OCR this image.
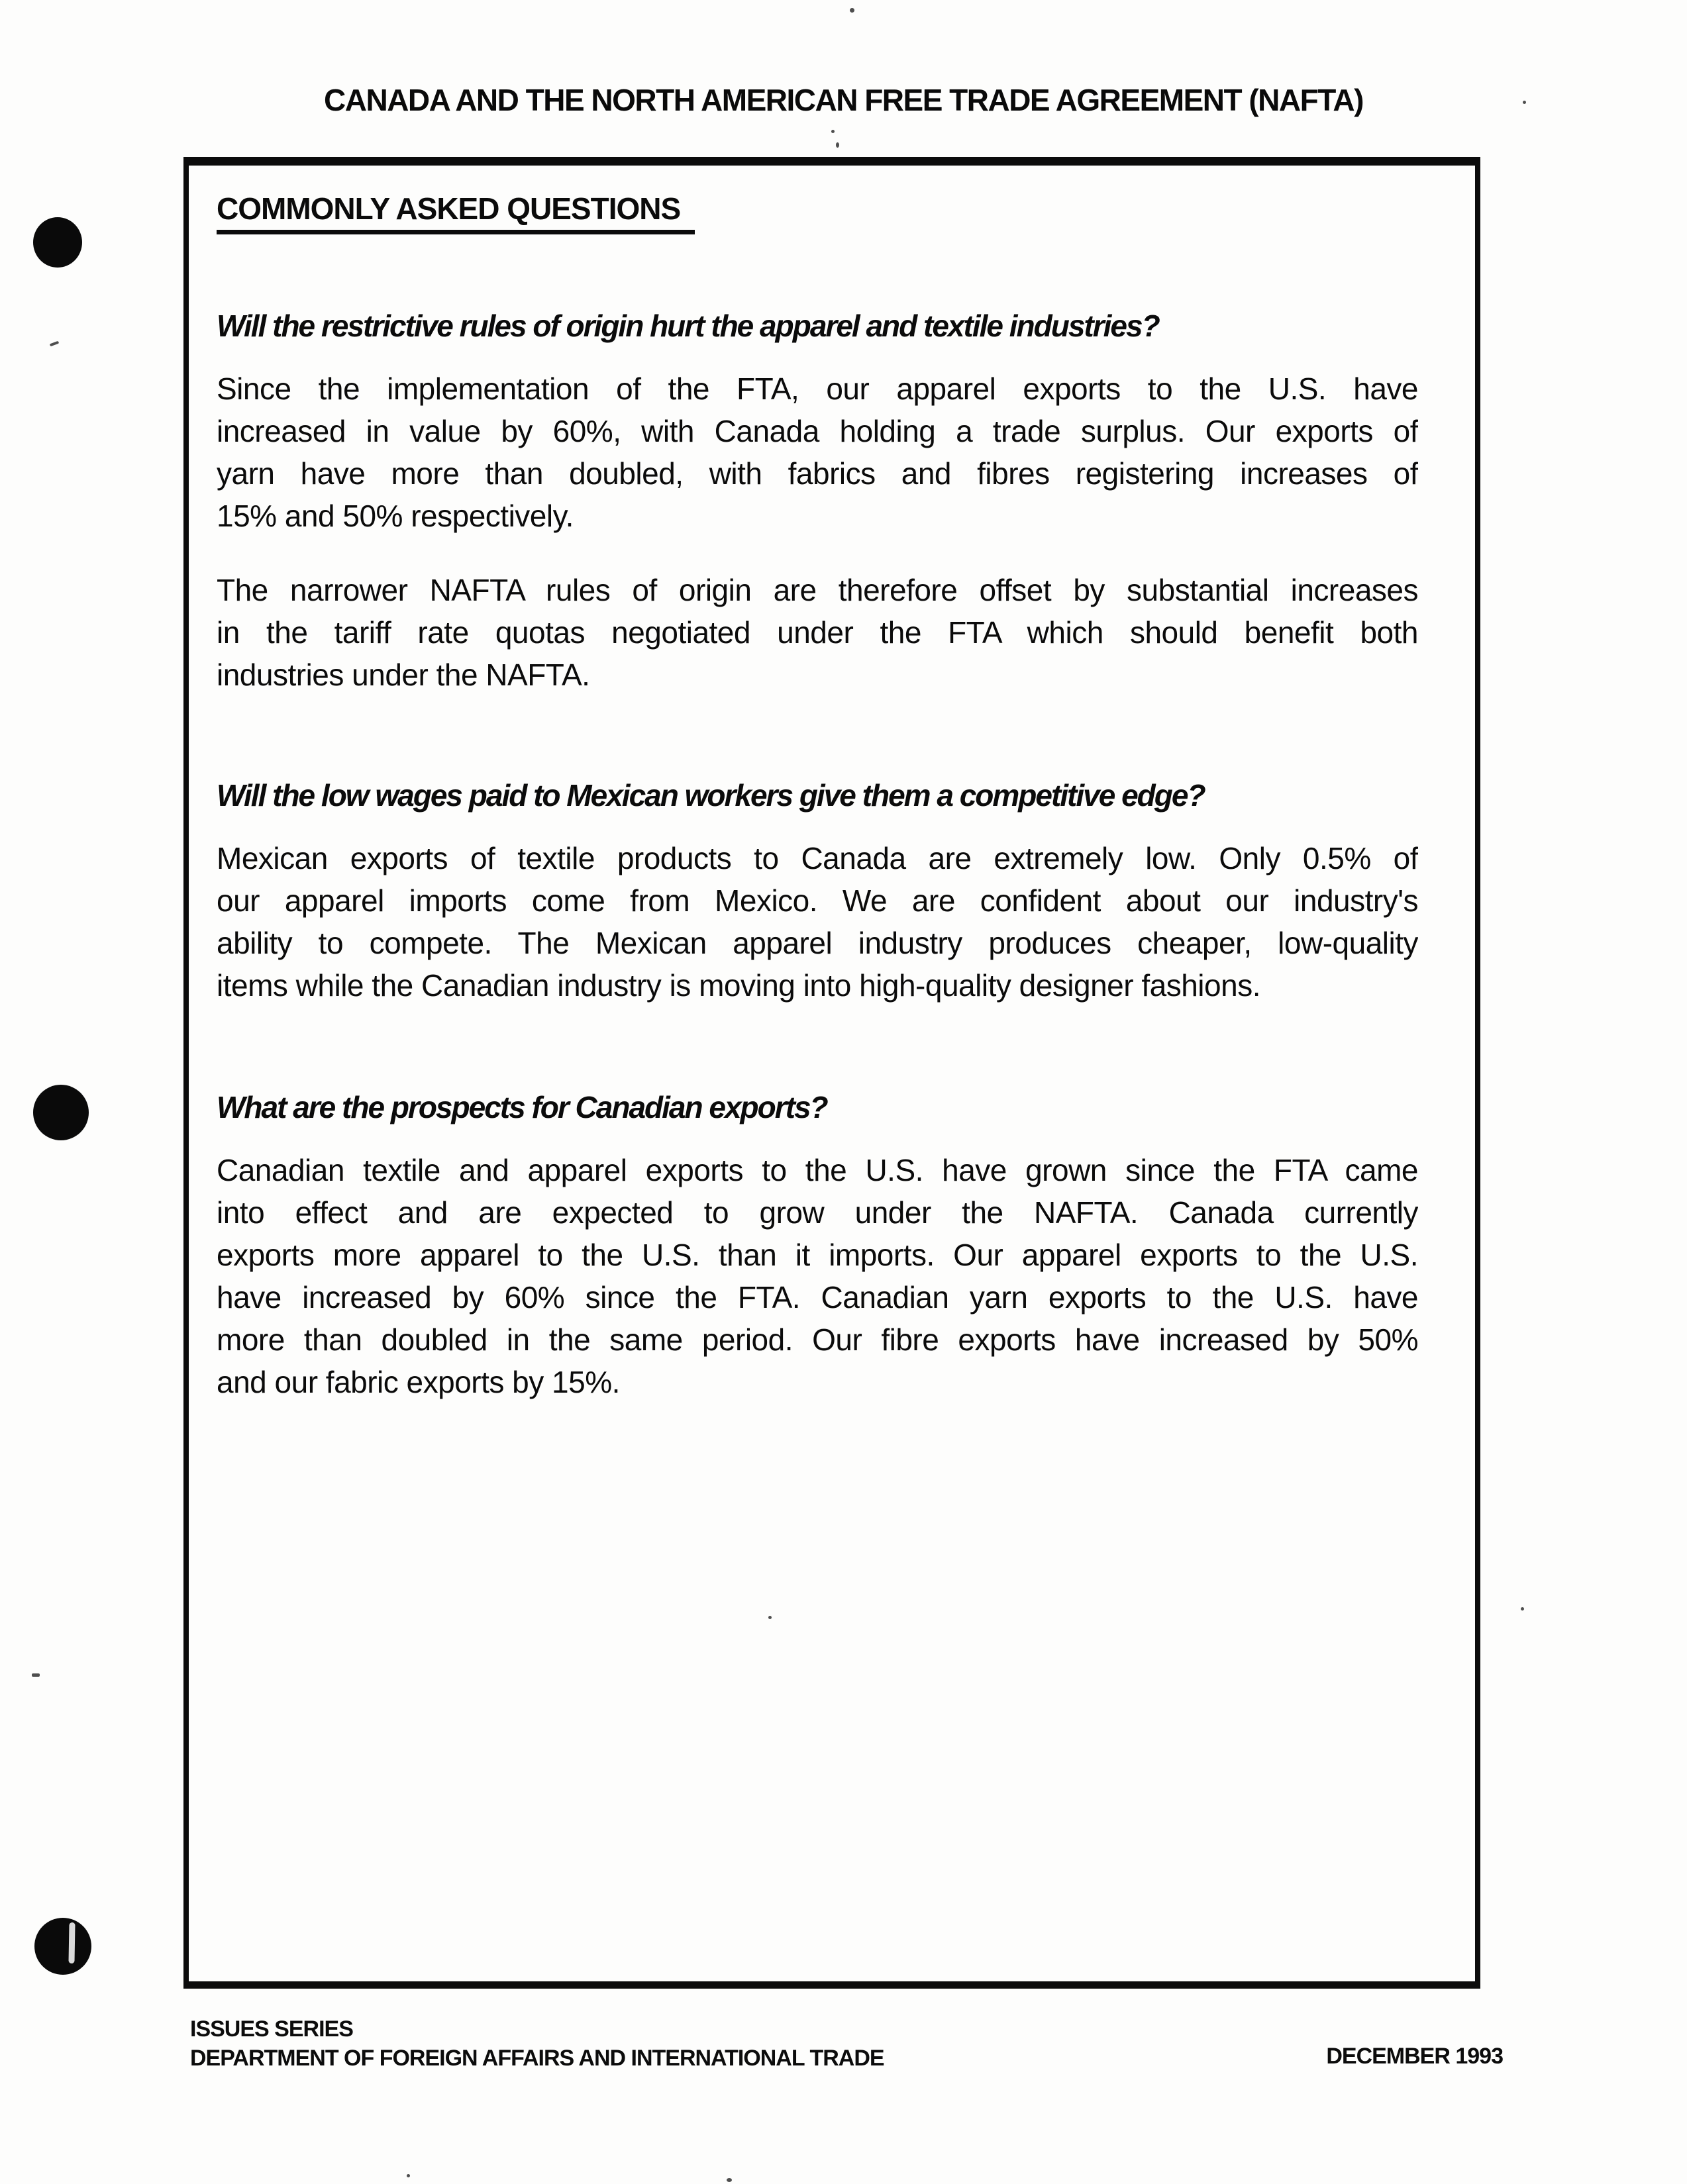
CANADA AND THE NORTH AMERICAN FREE TRADE AGREEMENT (NAFTA)
COMMONLY ASKED QUESTIONS
Will the restrictive rules of origin hurt the apparel and textile industries?
Since the implementation of the FTA, our apparel exports to the U.S. have
increased in value by 60%, with Canada holding a trade surplus. Our exports of
yarn have more than doubled, with fabrics and fibres registering increases of
15% and 50% respectively.
The narrower NAFTA rules of origin are therefore offset by substantial increases
in the tariff rate quotas negotiated under the FTA which should benefit both
industries under the NAFTA.
Will the low wages paid to Mexican workers give them a competitive edge?
Mexican exports of textile products to Canada are extremely low. Only 0.5% of
our apparel imports come from Mexico. We are confident about our industry's
ability to compete. The Mexican apparel industry produces cheaper, low-quality
items while the Canadian industry is moving into high-quality designer fashions.
What are the prospects for Canadian exports?
Canadian textile and apparel exports to the U.S. have grown since the FTA came
into effect and are expected to grow under the NAFTA. Canada currently
exports more apparel to the U.S. than it imports. Our apparel exports to the U.S.
have increased by 60% since the FTA. Canadian yarn exports to the U.S. have
more than doubled in the same period. Our fibre exports have increased by 50%
and our fabric exports by 15%.
ISSUES SERIES
DEPARTMENT OF FOREIGN AFFAIRS AND INTERNATIONAL TRADE	DECEMBER 1993
